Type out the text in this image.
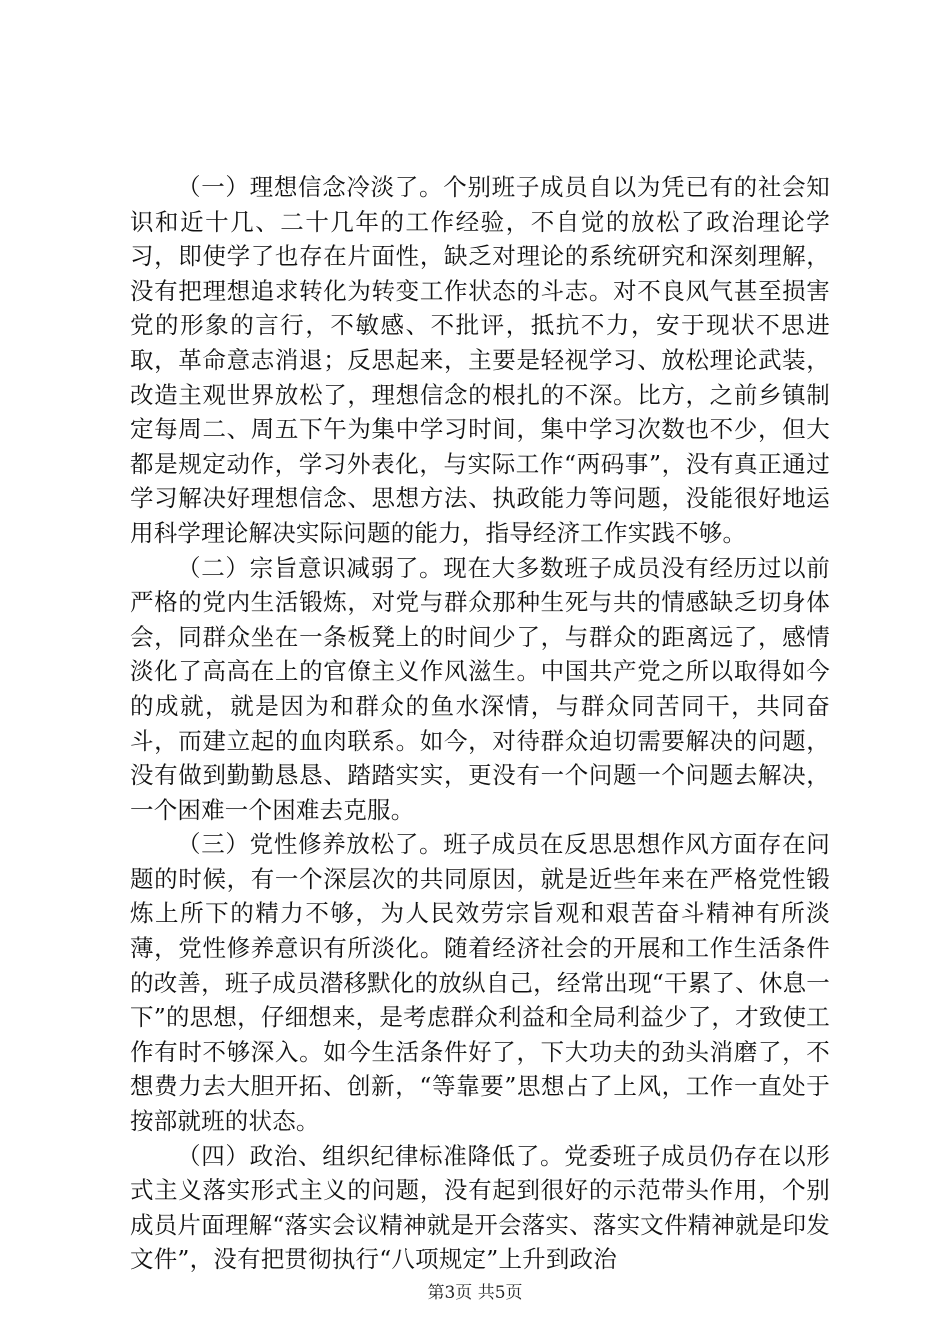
（一）理想信念冷淡了。个别班子成员自以为凭已有的社会知识和近十几、二十几年的工作经验，不自觉的放松了政治理论学习，即使学了也存在片面性，缺乏对理论的系统研究和深刻理解，没有把理想追求转化为转变工作状态的斗志。对不良风气甚至损害党的形象的言行，不敏感、不批评，抵抗不力，安于现状不思进取，革命意志消退；反思起来，主要是轻视学习、放松理论武装，改造主观世界放松了，理想信念的根扎的不深。比方，之前乡镇制定每周二、周五下午为集中学习时间，集中学习次数也不少，但大都是规定动作，学习外表化，与实际工作“两码事”，没有真正通过学习解决好理想信念、思想方法、执政能力等问题，没能很好地运用科学理论解决实际问题的能力，指导经济工作实践不够。

（二）宗旨意识减弱了。现在大多数班子成员没有经历过以前严格的党内生活锻炼，对党与群众那种生死与共的情感缺乏切身体会，同群众坐在一条板凳上的时间少了，与群众的距离远了，感情淡化了高高在上的官僚主义作风滋生。中国共产党之所以取得如今的成就，就是因为和群众的鱼水深情，与群众同苦同干，共同奋斗，而建立起的血肉联系。如今，对待群众迫切需要解决的问题，没有做到勤勤恳恳、踏踏实实，更没有一个问题一个问题去解决，一个困难一个困难去克服。

（三）党性修养放松了。班子成员在反思思想作风方面存在问题的时候，有一个深层次的共同原因，就是近些年来在严格党性锻炼上所下的精力不够，为人民效劳宗旨观和艰苦奋斗精神有所淡薄，党性修养意识有所淡化。随着经济社会的开展和工作生活条件的改善，班子成员潜移默化的放纵自己，经常出现“干累了、休息一下”的思想，仔细想来，是考虑群众利益和全局利益少了，才致使工作有时不够深入。如今生活条件好了，下大功夫的劲头消磨了，不想费力去大胆开拓、创新，“等靠要”思想占了上风，工作一直处于按部就班的状态。

（四）政治、组织纪律标准降低了。党委班子成员仍存在以形式主义落实形式主义的问题，没有起到很好的示范带头作用，个别成员片面理解“落实会议精神就是开会落实、落实文件精神就是印发文件”，没有把贯彻执行“八项规定”上升到政治

第3页 共5页
